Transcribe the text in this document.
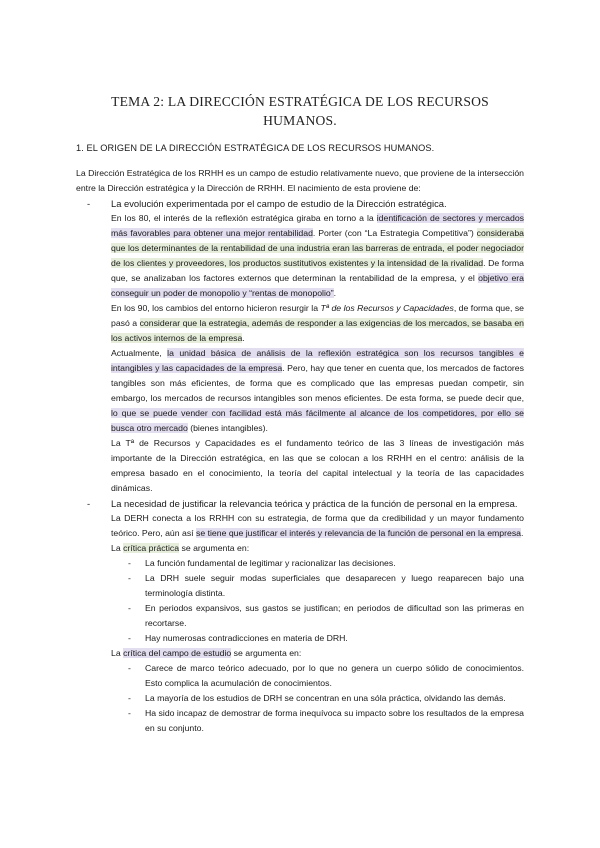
TEMA 2: LA DIRECCIÓN ESTRATÉGICA DE LOS RECURSOS HUMANOS.
1. EL ORIGEN DE LA DIRECCIÓN ESTRATÉGICA DE LOS RECURSOS HUMANOS.

La Dirección Estratégica de los RRHH es un campo de estudio relativamente nuevo, que proviene de la intersección entre la Dirección estratégica y la Dirección de RRHH. El nacimiento de esta proviene de:

- La evolución experimentada por el campo de estudio de la Dirección estratégica.

En los 80, el interés de la reflexión estratégica giraba en torno a la identificación de sectores y mercados más favorables para obtener una mejor rentabilidad. Porter (con “La Estrategia Competitiva”) consideraba que los determinantes de la rentabilidad de una industria eran las barreras de entrada, el poder negociador de los clientes y proveedores, los productos sustitutivos existentes y la intensidad de la rivalidad. De forma que, se analizaban los factores externos que determinan la rentabilidad de la empresa, y el objetivo era conseguir un poder de monopolio y “rentas de monopolio”.

En los 90, los cambios del entorno hicieron resurgir la Tª de los Recursos y Capacidades, de forma que, se pasó a considerar que la estrategia, además de responder a las exigencias de los mercados, se basaba en los activos internos de la empresa.

Actualmente, la unidad básica de análisis de la reflexión estratégica son los recursos tangibles e intangibles y las capacidades de la empresa. Pero, hay que tener en cuenta que, los mercados de factores tangibles son más eficientes, de forma que es complicado que las empresas puedan competir, sin embargo, los mercados de recursos intangibles son menos eficientes. De esta forma, se puede decir que, lo que se puede vender con facilidad está más fácilmente al alcance de los competidores, por ello se busca otro mercado (bienes intangibles).

La Tª de Recursos y Capacidades es el fundamento teórico de las 3 líneas de investigación más importante de la Dirección estratégica, en las que se colocan a los RRHH en el centro: análisis de la empresa basado en el conocimiento, la teoría del capital intelectual y la teoría de las capacidades dinámicas.

- La necesidad de justificar la relevancia teórica y práctica de la función de personal en la empresa.

La DERH conecta a los RRHH con su estrategia, de forma que da credibilidad y un mayor fundamento teórico. Pero, aún así se tiene que justificar el interés y relevancia de la función de personal en la empresa.

La crítica práctica se argumenta en:

- La función fundamental de legitimar y racionalizar las decisiones.

- La DRH suele seguir modas superficiales que desaparecen y luego reaparecen bajo una terminología distinta.

- En periodos expansivos, sus gastos se justifican; en periodos de dificultad son las primeras en recortarse.

- Hay numerosas contradicciones en materia de DRH.

La crítica del campo de estudio se argumenta en:

- Carece de marco teórico adecuado, por lo que no genera un cuerpo sólido de conocimientos. Esto complica la acumulación de conocimientos.

- La mayoría de los estudios de DRH se concentran en una sóla práctica, olvidando las demás.

- Ha sido incapaz de demostrar de forma inequívoca su impacto sobre los resultados de la empresa en su conjunto.
